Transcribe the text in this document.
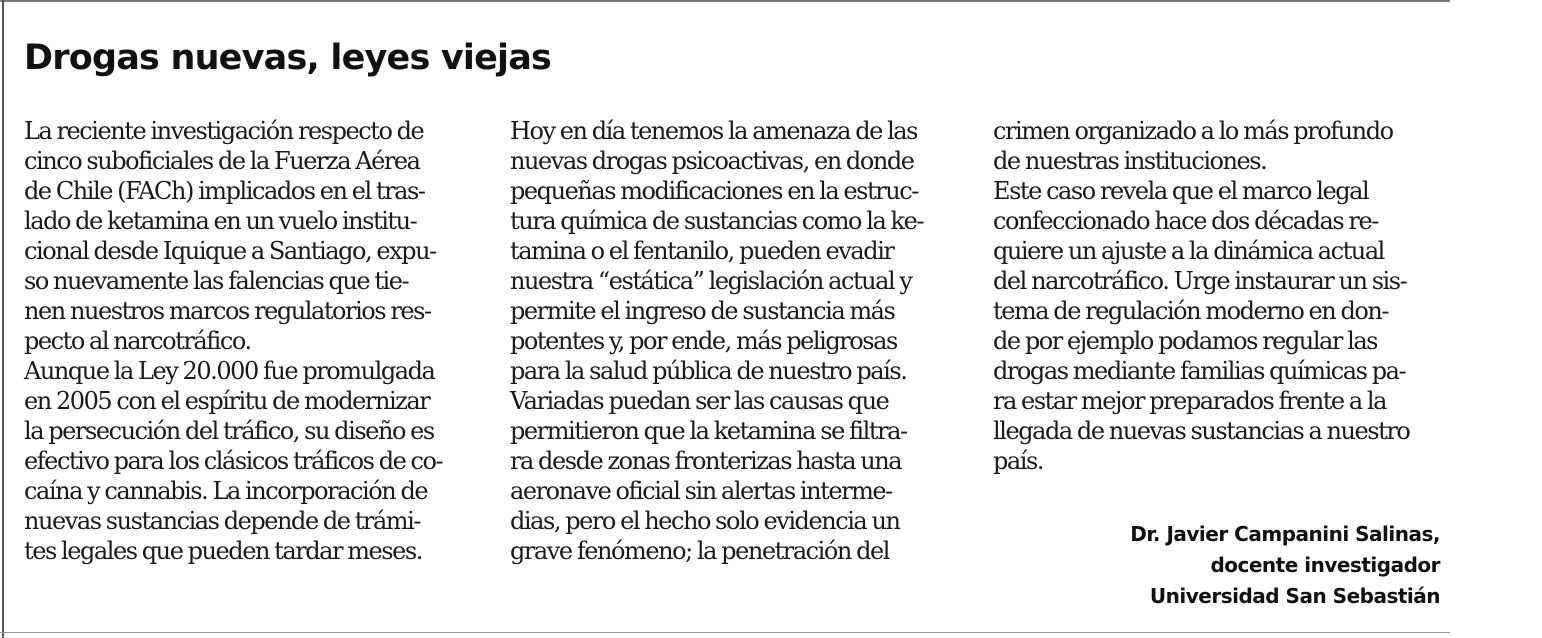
Drogas nuevas, leyes viejas
La reciente investigación respecto de
cinco suboficiales de la Fuerza Aérea
de Chile (FACh) implicados en el tras-
lado de ketamina en un vuelo institu-
cional desde Iquique a Santiago, expu-
so nuevamente las falencias que tie-
nen nuestros marcos regulatorios res-
pecto al narcotráfico.
Aunque la Ley 20.000 fue promulgada
en 2005 con el espíritu de modernizar
la persecución del tráfico, su diseño es
efectivo para los clásicos tráficos de co-
caína y cannabis. La incorporación de
nuevas sustancias depende de trámi-
tes legales que pueden tardar meses.
Hoy en día tenemos la amenaza de las
nuevas drogas psicoactivas, en donde
pequeñas modificaciones en la estruc-
tura química de sustancias como la ke-
tamina o el fentanilo, pueden evadir
nuestra “estática” legislación actual y
permite el ingreso de sustancia más
potentes y, por ende, más peligrosas
para la salud pública de nuestro país.
Variadas puedan ser las causas que
permitieron que la ketamina se filtra-
ra desde zonas fronterizas hasta una
aeronave oficial sin alertas interme-
dias, pero el hecho solo evidencia un
grave fenómeno; la penetración del
crimen organizado a lo más profundo
de nuestras instituciones.
Este caso revela que el marco legal
confeccionado hace dos décadas re-
quiere un ajuste a la dinámica actual
del narcotráfico. Urge instaurar un sis-
tema de regulación moderno en don-
de por ejemplo podamos regular las
drogas mediante familias químicas pa-
ra estar mejor preparados frente a la
llegada de nuevas sustancias a nuestro
país.
Dr. Javier Campanini Salinas,
docente investigador
Universidad San Sebastián
